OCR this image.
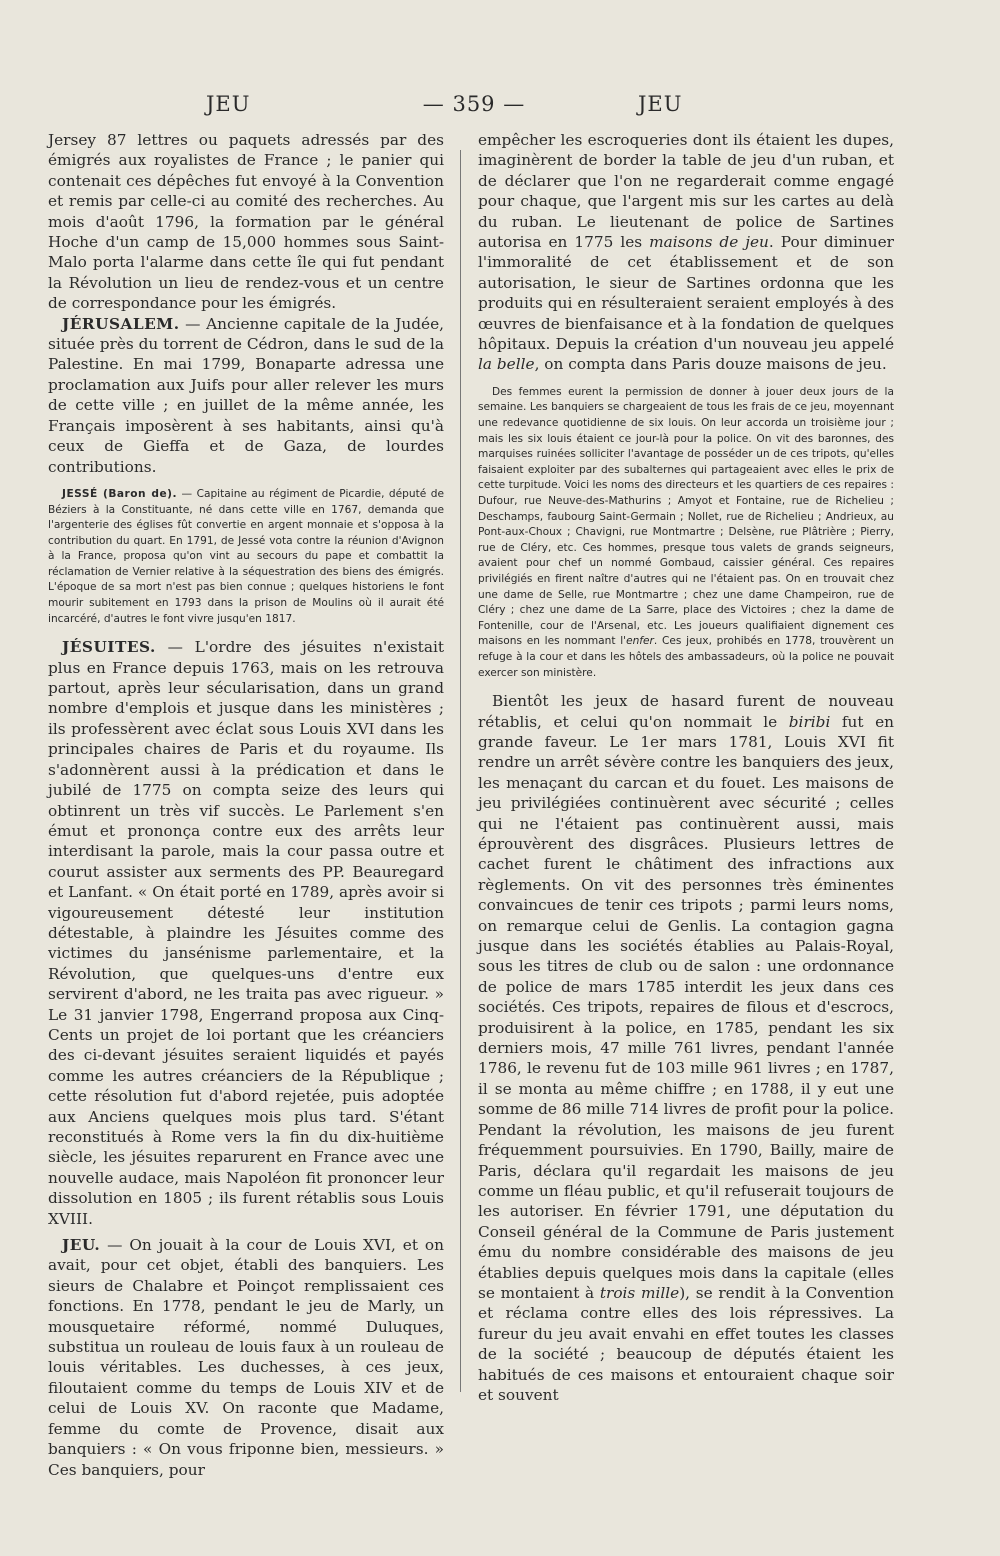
JEU	— 359 —	JEU

Jersey 87 lettres ou paquets adressés par des émigrés aux royalistes de France ; le panier qui contenait ces dépêches fut envoyé à la Convention et remis par celle-ci au comité des recherches. Au mois d'août 1796, la formation par le général Hoche d'un camp de 15,000 hommes sous Saint-Malo porta l'alarme dans cette île qui fut pendant la Révolution un lieu de rendez-vous et un centre de correspondance pour les émigrés.

JÉRUSALEM. — Ancienne capitale de la Judée, située près du torrent de Cédron, dans le sud de la Palestine. En mai 1799, Bonaparte adressa une proclamation aux Juifs pour aller relever les murs de cette ville ; en juillet de la même année, les Français imposèrent à ses habitants, ainsi qu'à ceux de Gieffa et de Gaza, de lourdes contributions.

JESSÉ (Baron de). — Capitaine au régiment de Picardie, député de Béziers à la Constituante, né dans cette ville en 1767, demanda que l'argenterie des églises fût convertie en argent monnaie et s'opposa à la contribution du quart. En 1791, de Jessé vota contre la réunion d'Avignon à la France, proposa qu'on vint au secours du pape et combattit la réclamation de Vernier relative à la séquestration des biens des émigrés. L'époque de sa mort n'est pas bien connue ; quelques historiens le font mourir subitement en 1793 dans la prison de Moulins où il aurait été incarcéré, d'autres le font vivre jusqu'en 1817.

JÉSUITES. — L'ordre des jésuites n'existait plus en France depuis 1763, mais on les retrouva partout, après leur sécularisation, dans un grand nombre d'emplois et jusque dans les ministères ; ils professèrent avec éclat sous Louis XVI dans les principales chaires de Paris et du royaume. Ils s'adonnèrent aussi à la prédication et dans le jubilé de 1775 on compta seize des leurs qui obtinrent un très vif succès. Le Parlement s'en émut et prononça contre eux des arrêts leur interdisant la parole, mais la cour passa outre et courut assister aux serments des PP. Beauregard et Lanfant. « On était porté en 1789, après avoir si vigoureusement détesté leur institution détestable, à plaindre les Jésuites comme des victimes du jansénisme parlementaire, et la Révolution, que quelques-uns d'entre eux servirent d'abord, ne les traita pas avec rigueur. » Le 31 janvier 1798, Engerrand proposa aux Cinq-Cents un projet de loi portant que les créanciers des ci-devant jésuites seraient liquidés et payés comme les autres créanciers de la République ; cette résolution fut d'abord rejetée, puis adoptée aux Anciens quelques mois plus tard. S'étant reconstitués à Rome vers la fin du dix-huitième siècle, les jésuites reparurent en France avec une nouvelle audace, mais Napoléon fit prononcer leur dissolution en 1805 ; ils furent rétablis sous Louis XVIII.

JEU. — On jouait à la cour de Louis XVI, et on avait, pour cet objet, établi des banquiers. Les sieurs de Chalabre et Poinçot remplissaient ces fonctions. En 1778, pendant le jeu de Marly, un mousquetaire réformé, nommé Duluques, substitua un rouleau de louis faux à un rouleau de louis véritables. Les duchesses, à ces jeux, filoutaient comme du temps de Louis XIV et de celui de Louis XV. On raconte que Madame, femme du comte de Provence, disait aux banquiers : « On vous friponne bien, messieurs. » Ces banquiers, pour

empêcher les escroqueries dont ils étaient les dupes, imaginèrent de border la table de jeu d'un ruban, et de déclarer que l'on ne regarderait comme engagé pour chaque, que l'argent mis sur les cartes au delà du ruban. Le lieutenant de police de Sartines autorisa en 1775 les maisons de jeu. Pour diminuer l'immoralité de cet établissement et de son autorisation, le sieur de Sartines ordonna que les produits qui en résulteraient seraient employés à des œuvres de bienfaisance et à la fondation de quelques hôpitaux. Depuis la création d'un nouveau jeu appelé la belle, on compta dans Paris douze maisons de jeu.

Des femmes eurent la permission de donner à jouer deux jours de la semaine. Les banquiers se chargeaient de tous les frais de ce jeu, moyennant une redevance quotidienne de six louis. On leur accorda un troisième jour ; mais les six louis étaient ce jour-là pour la police. On vit des baronnes, des marquises ruinées solliciter l'avantage de posséder un de ces tripots, qu'elles faisaient exploiter par des subalternes qui partageaient avec elles le prix de cette turpitude. Voici les noms des directeurs et les quartiers de ces repaires : Dufour, rue Neuve-des-Mathurins ; Amyot et Fontaine, rue de Richelieu ; Deschamps, faubourg Saint-Germain ; Nollet, rue de Richelieu ; Andrieux, au Pont-aux-Choux ; Chavigni, rue Montmartre ; Delsène, rue Plâtrière ; Pierry, rue de Cléry, etc. Ces hommes, presque tous valets de grands seigneurs, avaient pour chef un nommé Gombaud, caissier général. Ces repaires privilégiés en firent naître d'autres qui ne l'étaient pas. On en trouvait chez une dame de Selle, rue Montmartre ; chez une dame Champeiron, rue de Cléry ; chez une dame de La Sarre, place des Victoires ; chez la dame de Fontenille, cour de l'Arsenal, etc. Les joueurs qualifiaient dignement ces maisons en les nommant l'enfer. Ces jeux, prohibés en 1778, trouvèrent un refuge à la cour et dans les hôtels des ambassadeurs, où la police ne pouvait exercer son ministère.

Bientôt les jeux de hasard furent de nouveau rétablis, et celui qu'on nommait le biribi fut en grande faveur. Le 1er mars 1781, Louis XVI fit rendre un arrêt sévère contre les banquiers des jeux, les menaçant du carcan et du fouet. Les maisons de jeu privilégiées continuèrent avec sécurité ; celles qui ne l'étaient pas continuèrent aussi, mais éprouvèrent des disgrâces. Plusieurs lettres de cachet furent le châtiment des infractions aux règlements. On vit des personnes très éminentes convaincues de tenir ces tripots ; parmi leurs noms, on remarque celui de Genlis. La contagion gagna jusque dans les sociétés établies au Palais-Royal, sous les titres de club ou de salon : une ordonnance de police de mars 1785 interdit les jeux dans ces sociétés. Ces tripots, repaires de filous et d'escrocs, produisirent à la police, en 1785, pendant les six derniers mois, 47 mille 761 livres, pendant l'année 1786, le revenu fut de 103 mille 961 livres ; en 1787, il se monta au même chiffre ; en 1788, il y eut une somme de 86 mille 714 livres de profit pour la police. Pendant la révolution, les maisons de jeu furent fréquemment poursuivies. En 1790, Bailly, maire de Paris, déclara qu'il regardait les maisons de jeu comme un fléau public, et qu'il refuserait toujours de les autoriser. En février 1791, une députation du Conseil général de la Commune de Paris justement ému du nombre considérable des maisons de jeu établies depuis quelques mois dans la capitale (elles se montaient à trois mille), se rendit à la Convention et réclama contre elles des lois répressives. La fureur du jeu avait envahi en effet toutes les classes de la société ; beaucoup de députés étaient les habitués de ces maisons et entouraient chaque soir et souvent
